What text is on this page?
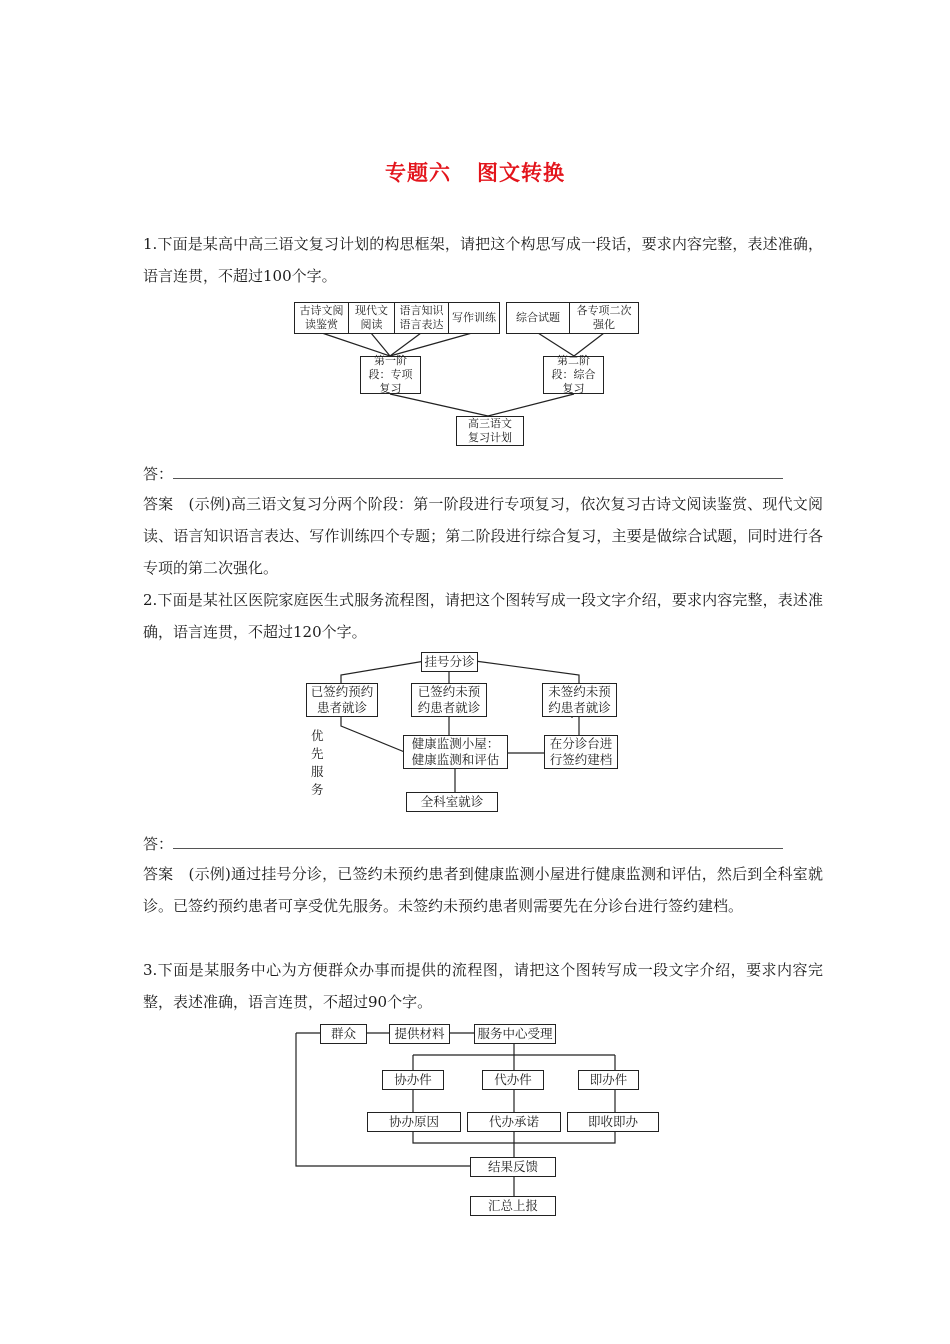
专题六 图文转换
1.下面是某高中高三语文复习计划的构思框架，请把这个构思写成一段话，要求内容完整，表述准确，语言连贯，不超过100个字。
古诗文阅读鉴赏
现代文阅读
语言知识语言表达
写作训练	综合试题
各专项二次强化
第一阶段：专项复习
第二阶段：综合复习
高三语文复习计划
答：
答案　(示例)高三语文复习分两个阶段：第一阶段进行专项复习，依次复习古诗文阅读鉴赏、现代文阅读、语言知识语言表达、写作训练四个专题；第二阶段进行综合复习，主要是做综合试题，同时进行各专项的第二次强化。
2.下面是某社区医院家庭医生式服务流程图，请把这个图转写成一段文字介绍，要求内容完整，表述准确，语言连贯，不超过120个字。
挂号分诊
已签约预约患者就诊
已签约未预约患者就诊
未签约未预约患者就诊
优先服务
健康监测小屋：健康监测和评估
在分诊台进行签约建档
全科室就诊
答：
答案　(示例)通过挂号分诊，已签约未预约患者到健康监测小屋进行健康监测和评估，然后到全科室就诊。已签约预约患者可享受优先服务。未签约未预约患者则需要先在分诊台进行签约建档。
3.下面是某服务中心为方便群众办事而提供的流程图，请把这个图转写成一段文字介绍，要求内容完整，表述准确，语言连贯，不超过90个字。
群众	提供材料	服务中心受理
协办件	代办件	即办件
协办原因	代办承诺	即收即办
结果反馈
汇总上报
